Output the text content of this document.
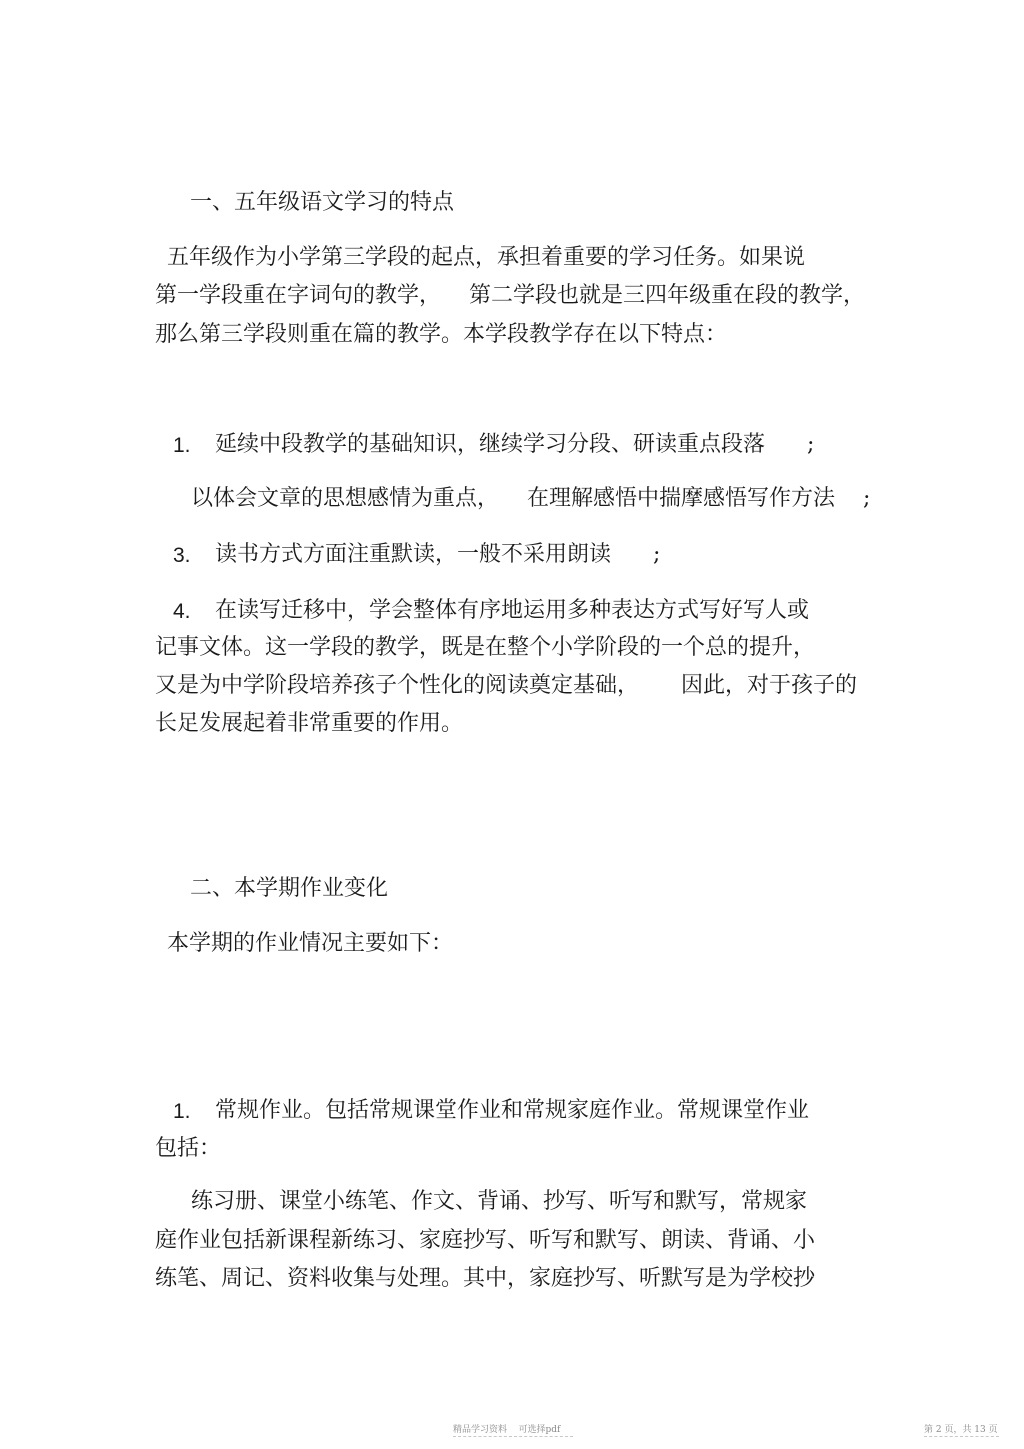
一、五年级语文学习的特点
五年级作为小学第三学段的起点，承担着重要的学习任务。如果说
第一学段重在字词句的教学，    第二学段也就是三四年级重在段的教学，
那么第三学段则重在篇的教学。本学段教学存在以下特点：
1. 延续中段教学的基础知识，继续学习分段、研读重点段落      ;
以体会文章的思想感情为重点，    在理解感悟中揣摩感悟写作方法    ;
3. 读书方式方面注重默读，一般不采用朗读      ;
4. 在读写迁移中，学会整体有序地运用多种表达方式写好写人或
记事文体。这一学段的教学，既是在整个小学阶段的一个总的提升，
又是为中学阶段培养孩子个性化的阅读奠定基础，      因此，对于孩子的
长足发展起着非常重要的作用。
二、本学期作业变化
本学期的作业情况主要如下：
1. 常规作业。包括常规课堂作业和常规家庭作业。常规课堂作业
包括：
练习册、课堂小练笔、作文、背诵、抄写、听写和默写，常规家
庭作业包括新课程新练习、家庭抄写、听写和默写、朗读、背诵、小
练笔、周记、资料收集与处理。其中，家庭抄写、听默写是为学校抄
精品学习资料    可选择pdf	第 2 页，共 13 页
